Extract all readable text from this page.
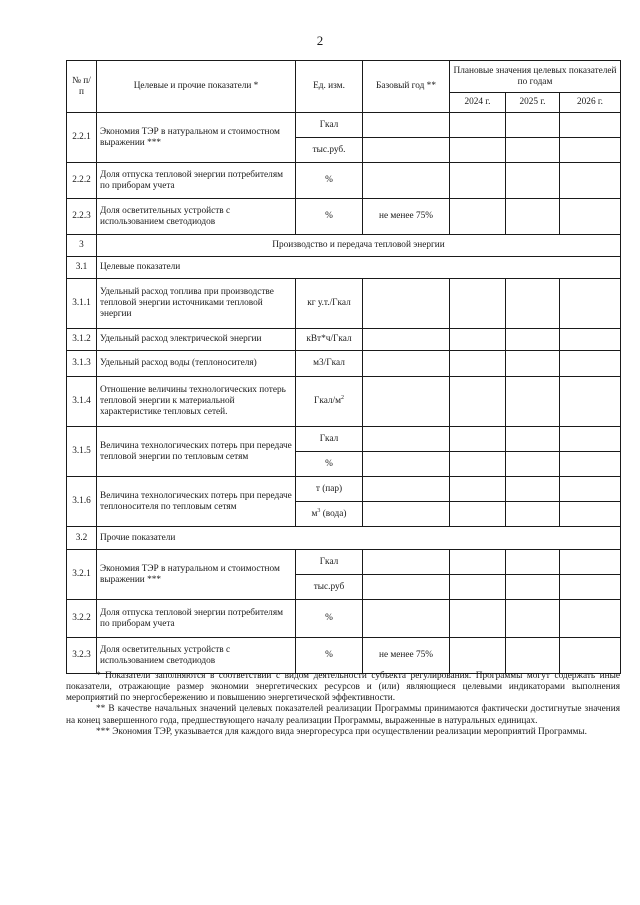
2
№ п/п	Целевые и прочие показатели *	Ед. изм.	Базовый год **	Плановые значения целевых показателей по годам		
				2024 г.	2025 г.	2026 г.
2.2.1	Экономия ТЭР в натуральном и стоимостном выражении ***	Гкал				
		тыс.руб.				
2.2.2	Доля отпуска тепловой энергии потребителям по приборам учета	%				
2.2.3	Доля осветительных устройств с использованием светодиодов	%	не менее 75%			
3	Производство и передача тепловой энергии					
3.1	Целевые показатели					
3.1.1	Удельный расход топлива при производстве тепловой энергии источниками тепловой энергии	кг у.т./Гкал				
3.1.2	Удельный расход электрической энергии	кВт*ч/Гкал				
3.1.3	Удельный расход воды (теплоносителя)	м3/Гкал				
3.1.4	Отношение величины технологических потерь тепловой энергии к материальной характеристике тепловых сетей.	Гкал/$м^2$				
3.1.5	Величина технологических потерь при передаче тепловой энергии по тепловым сетям	Гкал				
		%				
3.1.6	Величина технологических потерь при передаче теплоносителя по тепловым сетям	т (пар)				
		$м^3$ (вода)				
3.2	Прочие показатели					
3.2.1	Экономия ТЭР в натуральном и стоимостном выражении ***	Гкал				
		тыс.руб				
3.2.2	Доля отпуска тепловой энергии потребителям по приборам учета	%				
3.2.3	Доля осветительных устройств с использованием светодиодов	%	не менее 75%			

* Показатели заполняются в соответствии с видом деятельности субъекта регулирования. Программы могут содержать иные показатели, отражающие размер экономии энергетических ресурсов и (или) являющиеся целевыми индикаторами выполнения мероприятий по энергосбережению и повышению энергетической эффективности.

** В качестве начальных значений целевых показателей реализации Программы принимаются фактически достигнутые значения на конец завершенного года, предшествующего началу реализации Программы, выраженные в натуральных единицах.

*** Экономия ТЭР, указывается для каждого вида энергоресурса при осуществлении реализации мероприятий Программы.
